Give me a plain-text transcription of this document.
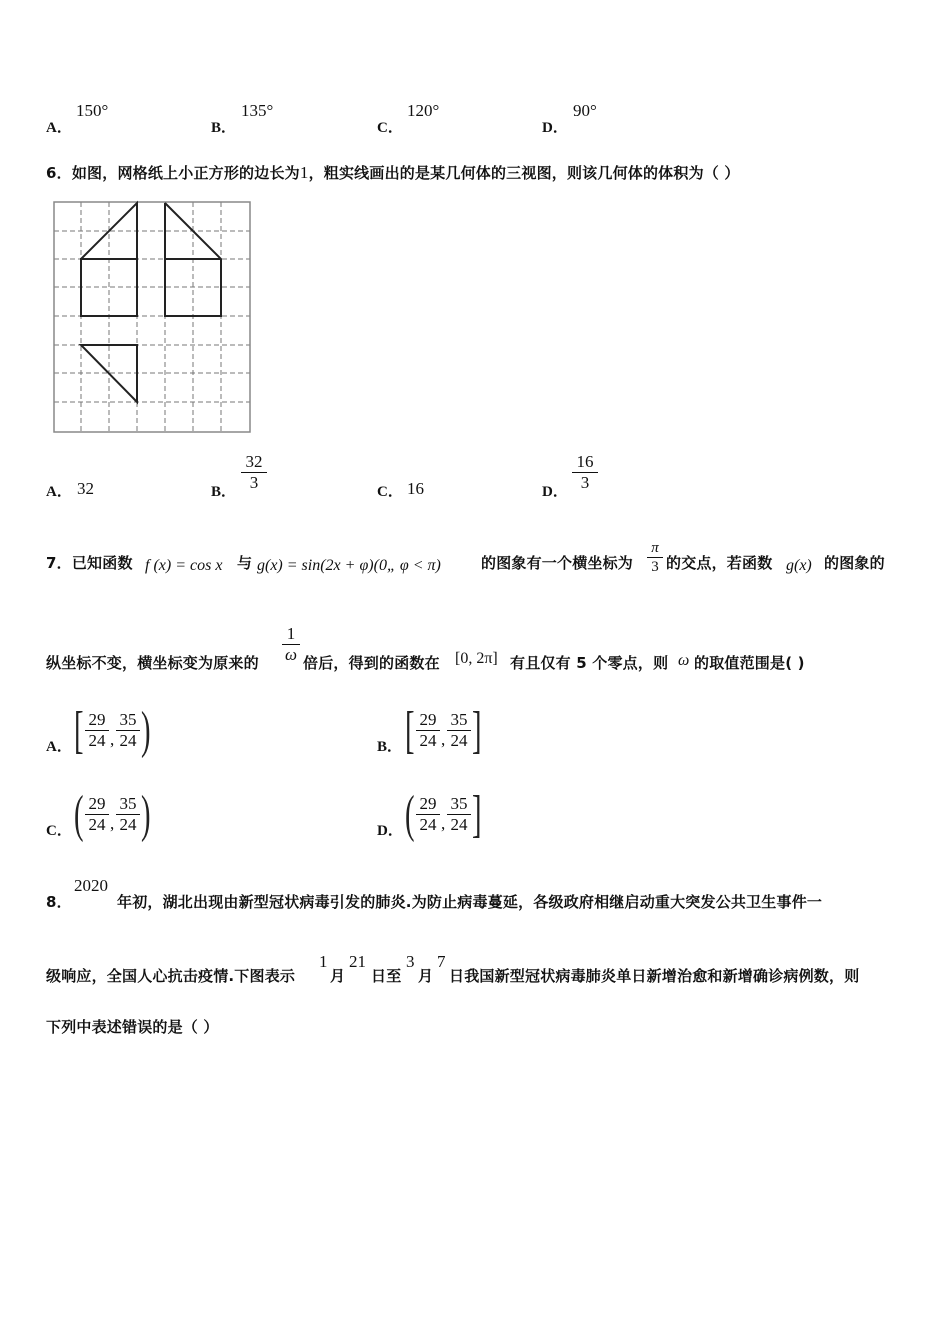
A．
150°
B．
135°
C．
120°
D．
90°
6．如图，网格纸上小正方形的边长为1，粗实线画出的是某几何体的三视图，则该几何体的体积为（ ）
A． 32	B．
32
3	C． 16	D．
16
3
7．已知函数 f (x) = cos x 与 g(x) = sin(2x + φ)(0„ φ < π)	的图象有一个横坐标为
π
3 的交点，若函数 g(x) 的图象的
纵坐标不变，横坐标变为原来的
1
ω 倍后，得到的函数在 [0, 2π] 有且仅有 5 个零点，则 ω 的取值范围是( )
A． [ 29
24 ,
35
24 )	B． [ 29
24 ,
35
24 ]
C． ( 29
24 ,
35
24 )	D． ( 29
24 ,
35
24 ]
8．
2020
年初，湖北出现由新型冠状病毒引发的肺炎.为防止病毒蔓延，各级政府相继启动重大突发公共卫生事件一
级响应，全国人心抗击疫情.下图表示
1
月
21
日至
3
月
7
日我国新型冠状病毒肺炎单日新增治愈和新增确诊病例数，则
下列中表述错误的是（ ）
